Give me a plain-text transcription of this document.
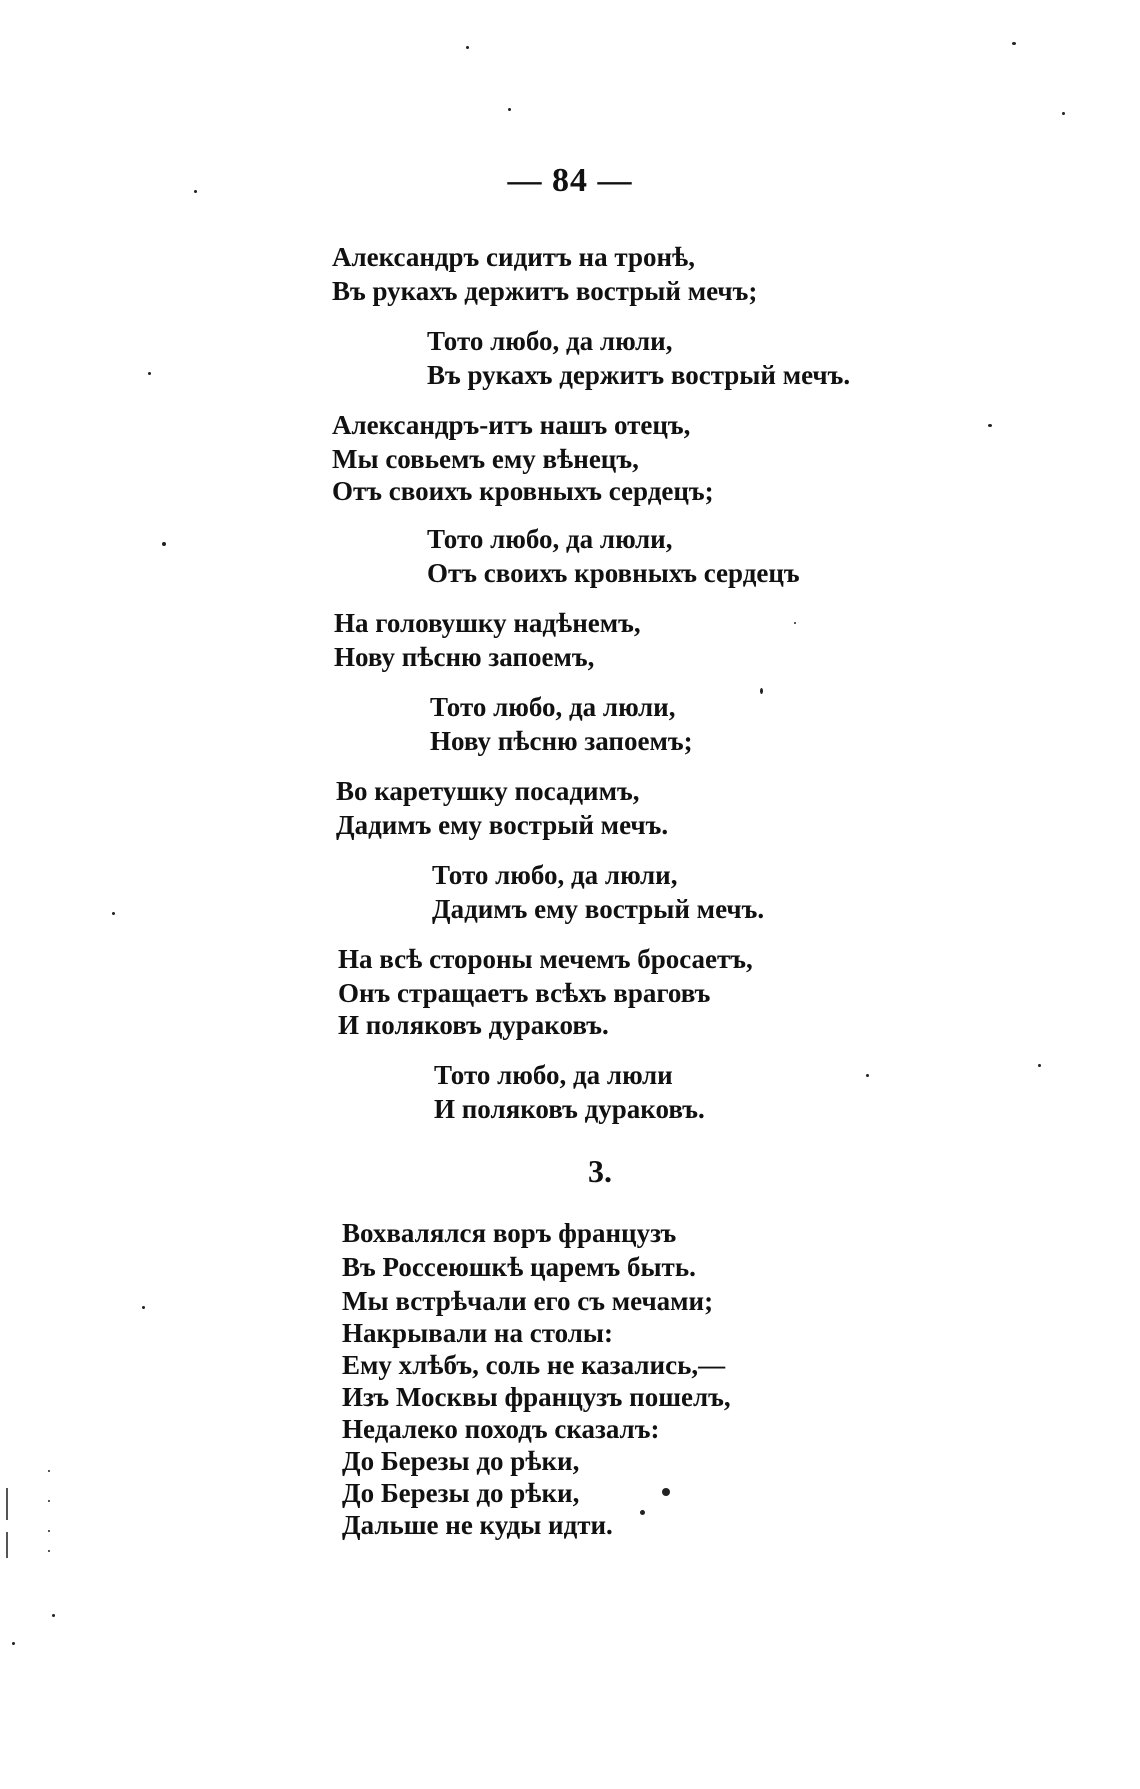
— 84 —
Александръ сидитъ на тронѣ,
Въ рукахъ держитъ вострый мечъ;
Тото любо, да люли,
Въ рукахъ держитъ вострый мечъ.
Александръ-итъ нашъ отецъ,
Мы совьемъ ему вѣнецъ,
Отъ своихъ кровныхъ сердецъ;
Тото любо, да люли,
Отъ своихъ кровныхъ сердецъ
На головушку надѣнемъ,
Нову пѣсню запоемъ,
Тото любо, да люли,
Нову пѣсню запоемъ;
Во каретушку посадимъ,
Дадимъ ему вострый мечъ.
Тото любо, да люли,
Дадимъ ему вострый мечъ.
На всѣ стороны мечемъ бросаетъ,
Онъ стращаетъ всѣхъ враговъ
И поляковъ дураковъ.
Тото любо, да люли
И поляковъ дураковъ.
3.
Вохвалялся воръ французъ
Въ Россеюшкѣ царемъ быть.
Мы встрѣчали его съ мечами;
Накрывали на столы:
Ему хлѣбъ, соль не казались,—
Изъ Москвы французъ пошелъ,
Недалеко походъ сказалъ:
До Березы до рѣки,
До Березы до рѣки,
Дальше не куды идти.
